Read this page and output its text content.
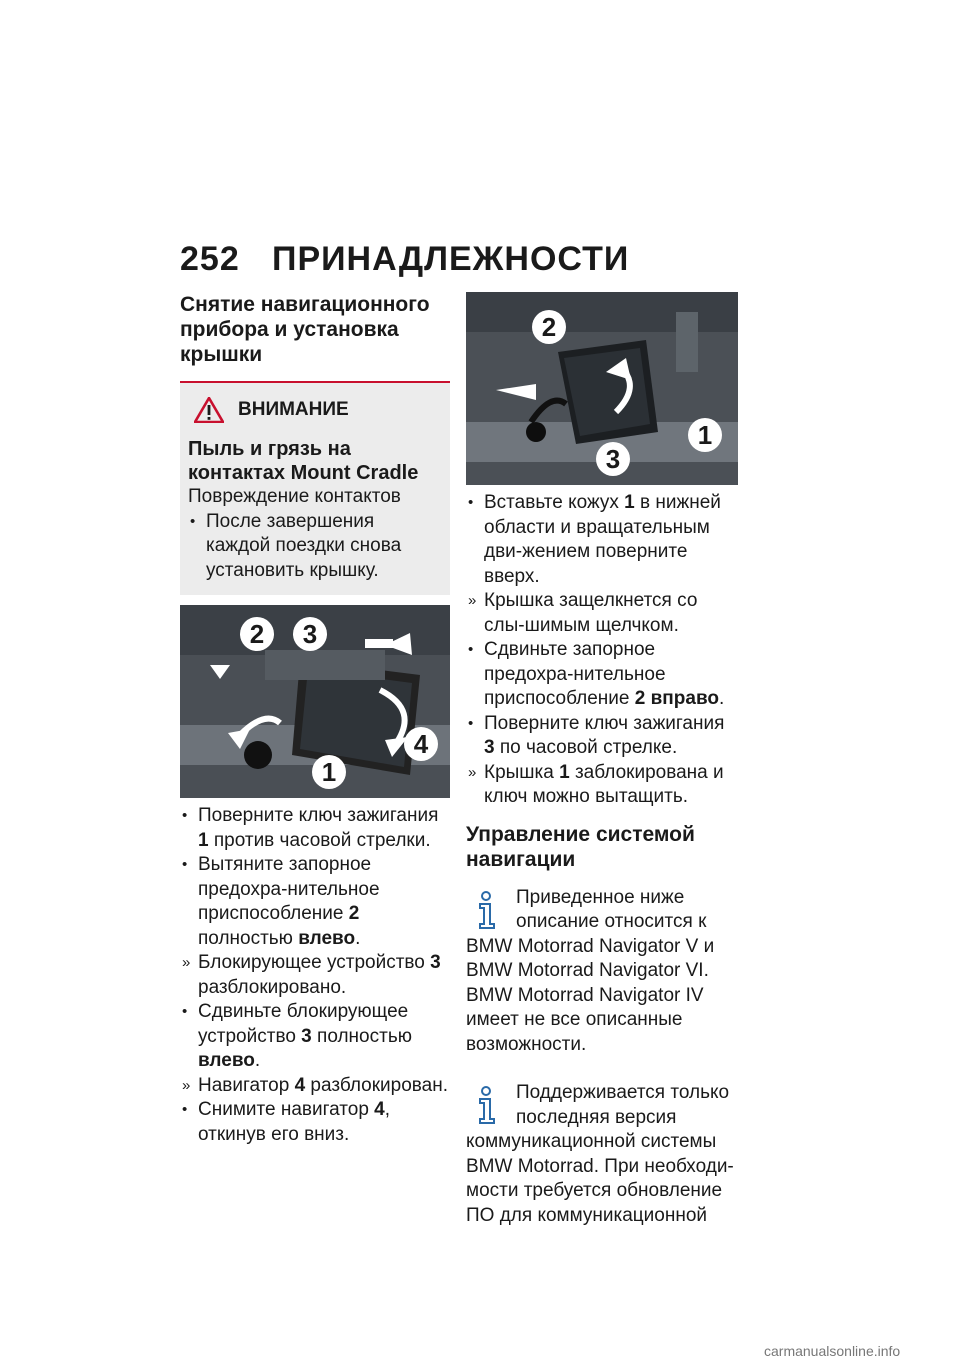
252 ПРИНАДЛЕЖНОСТИ
Снятие навигационного прибора и установка крышки
ВНИМАНИЕ
Пыль и грязь на контактах Mount Cradle
Повреждение контактов
• После завершения каждой поездки снова установить крышку.
2	3
4
1
• Поверните ключ зажигания 1 против часовой стрелки.
• Вытяните запорное предохра-нительное приспособление 2 полностью влево.
» Блокирующее устройство 3 разблокировано.
• Сдвиньте блокирующее устройство 3 полностью влево.
» Навигатор 4 разблокирован.
• Снимите навигатор 4, откинув его вниз.
2
1
3
• Вставьте кожух 1 в нижней области и вращательным дви-жением поверните вверх.
» Крышка защелкнется со слы-шимым щелчком.
• Сдвиньте запорное предохра-нительное приспособление 2 вправо.
• Поверните ключ зажигания 3 по часовой стрелке.
» Крышка 1 заблокирована и ключ можно вытащить.
Управление системой навигации
Приведенное ниже описание относится к BMW Motorrad Navigator V и BMW Motorrad Navigator VI. BMW Motorrad Navigator IV имеет не все описанные возможности.
Поддерживается только последняя версия коммуникационной системы BMW Motorrad. При необходи-мости требуется обновление ПО для коммуникационной
carmanualsonline.info
